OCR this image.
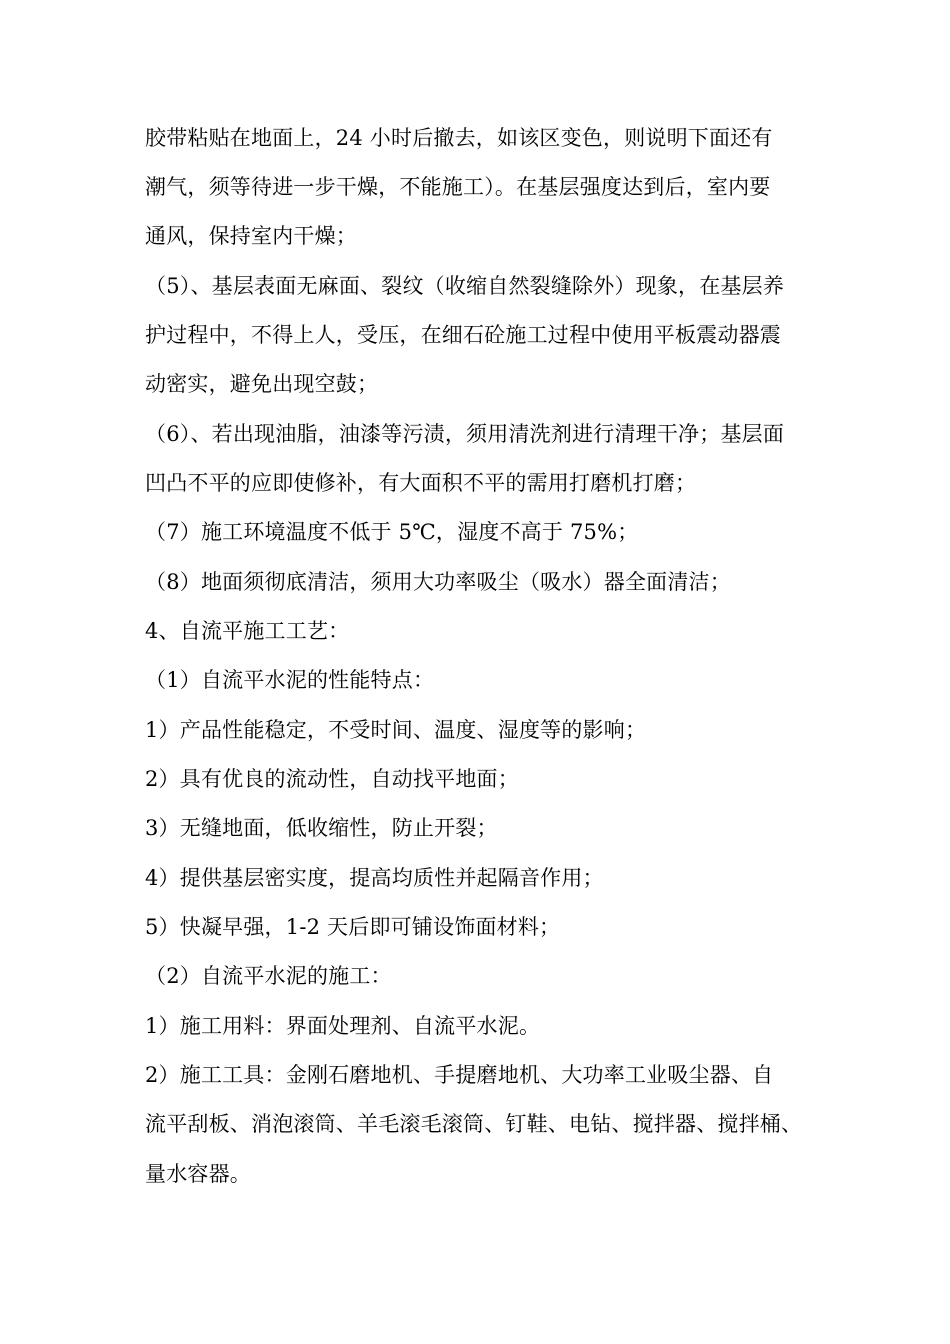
胶带粘贴在地面上，24 小时后撤去，如该区变色，则说明下面还有
潮气，须等待进一步干燥，不能施工）。在基层强度达到后，室内要
通风，保持室内干燥；
（5）、基层表面无麻面、裂纹（收缩自然裂缝除外）现象，在基层养
护过程中，不得上人，受压，在细石砼施工过程中使用平板震动器震
动密实，避免出现空鼓；
（6）、若出现油脂，油漆等污渍，须用清洗剂进行清理干净；基层面
凹凸不平的应即使修补，有大面积不平的需用打磨机打磨；
（7）施工环境温度不低于 5℃，湿度不高于 75%；
（8）地面须彻底清洁，须用大功率吸尘（吸水）器全面清洁；
4、自流平施工工艺：
（1）自流平水泥的性能特点：
1）产品性能稳定，不受时间、温度、湿度等的影响；
2）具有优良的流动性，自动找平地面；
3）无缝地面，低收缩性，防止开裂；
4）提供基层密实度，提高均质性并起隔音作用；
5）快凝早强，1-2 天后即可铺设饰面材料；
（2）自流平水泥的施工：
1）施工用料：界面处理剂、自流平水泥。
2）施工工具：金刚石磨地机、手提磨地机、大功率工业吸尘器、自
流平刮板、消泡滚筒、羊毛滚毛滚筒、钉鞋、电钻、搅拌器、搅拌桶、
量水容器。
